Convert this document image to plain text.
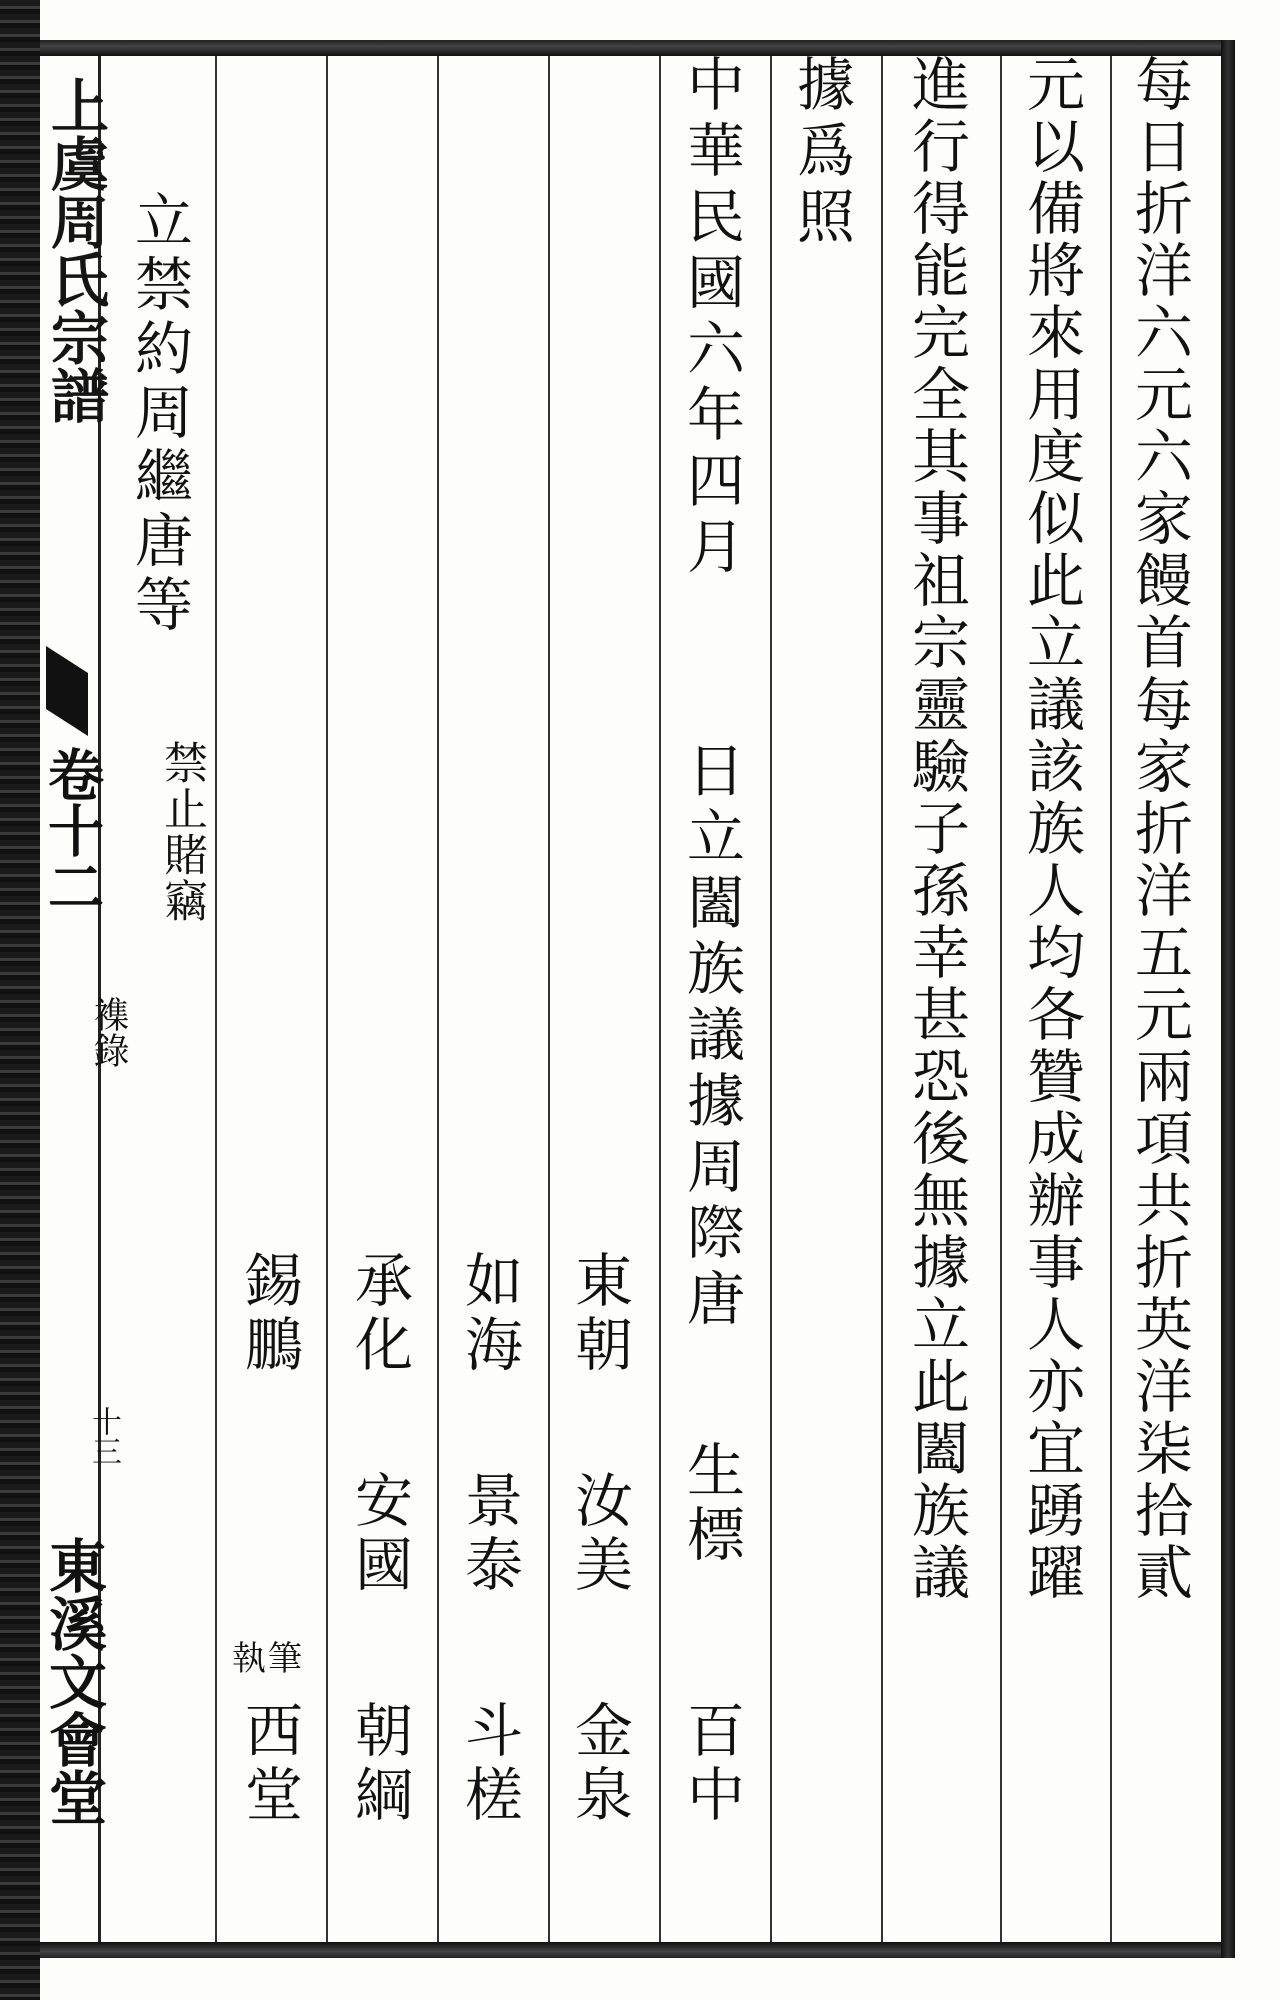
上虞周氏宗譜
卷十二
襍錄
十三
東溪文會堂
每日折洋六元六家饅首每家折洋五元兩項共折英洋柒拾貳
元以備將來用度似此立議該族人均各贊成辦事人亦宜踴躍
進行得能完全其事祖宗靈驗子孫幸甚恐後無據立此闔族議
據爲照
中華民國六年四月
日立闔族議據周際唐
生標
百中
東朝
汝美
金泉
如海
景泰
斗槎
承化
安國
朝綱
錫鵬
執筆
西堂
立禁約周繼唐等
禁止賭竊
